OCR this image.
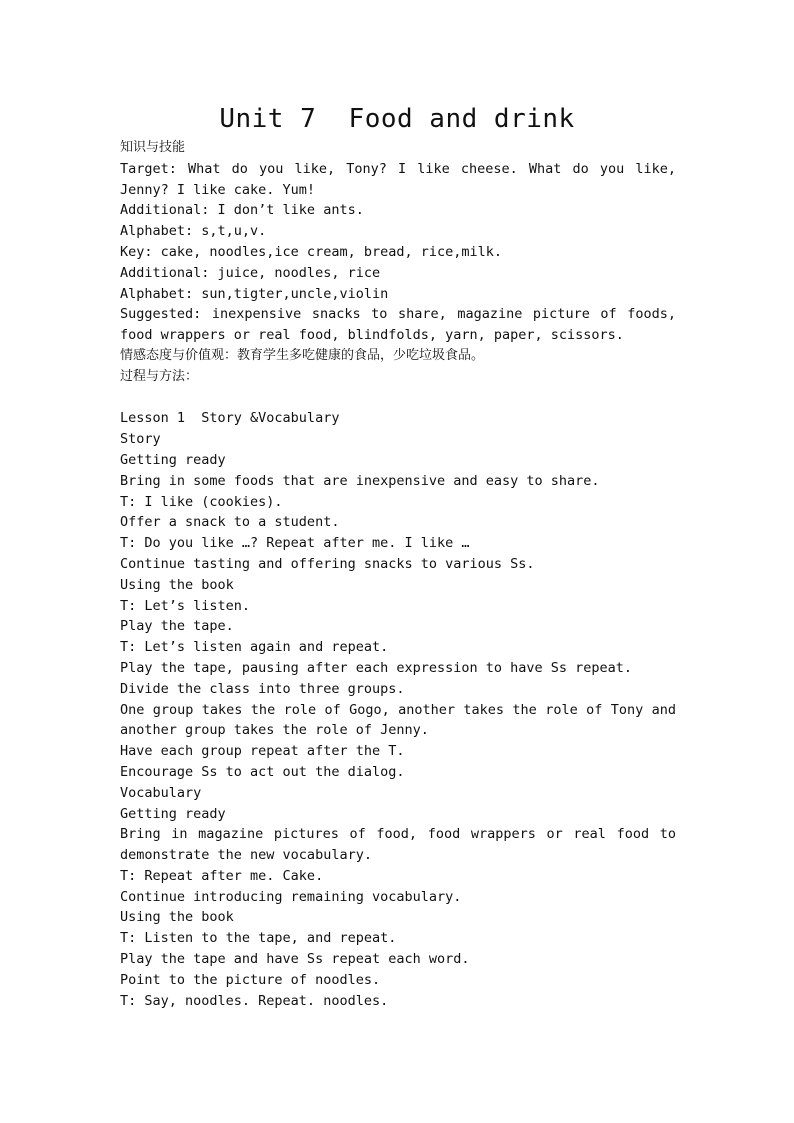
Unit 7  Food and drink
知识与技能
Target: What do you like, Tony? I like cheese. What do you like, Jenny? I like cake. Yum!
Additional: I don’t like ants.
Alphabet: s,t,u,v.
Key: cake, noodles,ice cream, bread, rice,milk.
Additional: juice, noodles, rice
Alphabet: sun,tigter,uncle,violin
Suggested: inexpensive snacks to share, magazine picture of foods, food wrappers or real food, blindfolds, yarn, paper, scissors.
情感态度与价值观：教育学生多吃健康的食品，少吃垃圾食品。
过程与方法：
Lesson 1  Story &Vocabulary
Story
Getting ready
Bring in some foods that are inexpensive and easy to share.
T: I like (cookies).
Offer a snack to a student.
T: Do you like …? Repeat after me. I like …
Continue tasting and offering snacks to various Ss.
Using the book
T: Let’s listen.
Play the tape.
T: Let’s listen again and repeat.
Play the tape, pausing after each expression to have Ss repeat.
Divide the class into three groups.
One group takes the role of Gogo, another takes the role of Tony and another group takes the role of Jenny.
Have each group repeat after the T.
Encourage Ss to act out the dialog.
Vocabulary
Getting ready
Bring in magazine pictures of food, food wrappers or real food to demonstrate the new vocabulary.
T: Repeat after me. Cake.
Continue introducing remaining vocabulary.
Using the book
T: Listen to the tape, and repeat.
Play the tape and have Ss repeat each word.
Point to the picture of noodles.
T: Say, noodles. Repeat. noodles.
